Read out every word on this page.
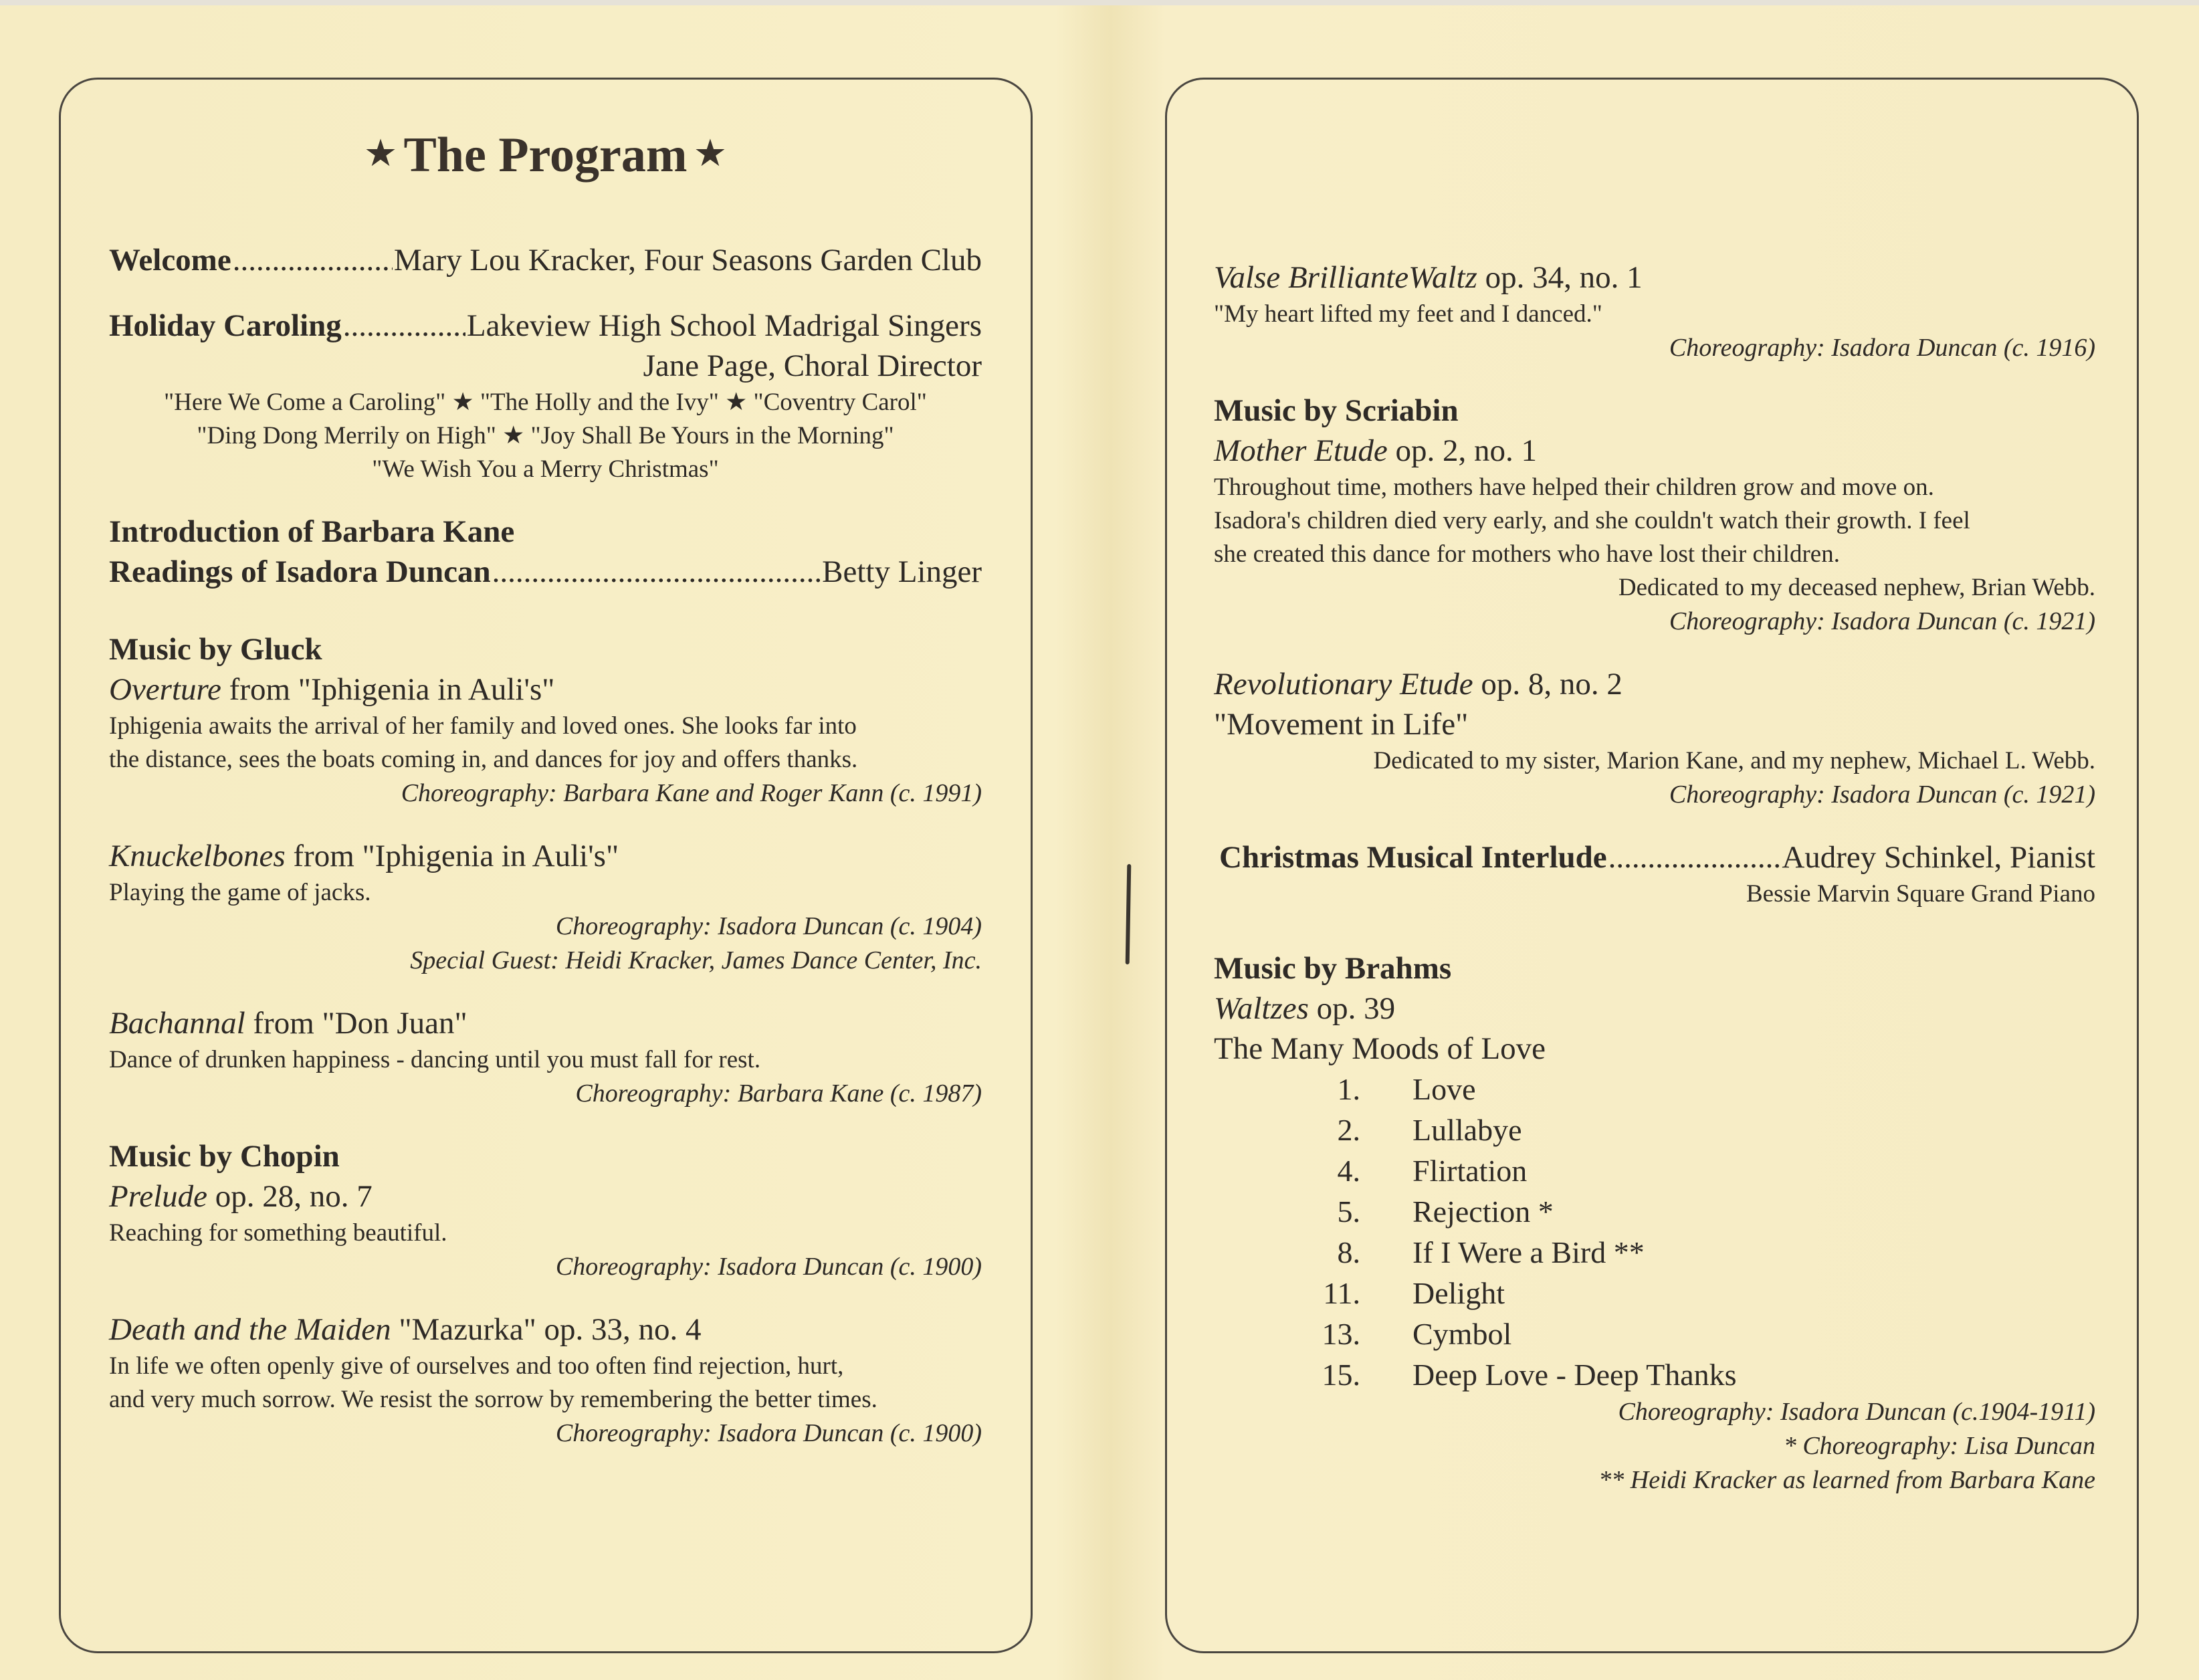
★ The Program ★
Welcome .....	Mary Lou Kracker, Four Seasons Garden Club
Holiday Caroling .....	Lakeview High School Madrigal Singers

Jane Page, Choral Director

"Here We Come a Caroling" ★ "The Holly and the Ivy" ★ "Coventry Carol"

"Ding Dong Merrily on High" ★ "Joy Shall Be Yours in the Morning"

"We Wish You a Merry Christmas"

Introduction of Barbara Kane

Readings of Isadora Duncan .....	Betty Linger

Music by Gluck

Overture from "Iphigenia in Auli's"

Iphigenia awaits the arrival of her family and loved ones. She looks far into

the distance, sees the boats coming in, and dances for joy and offers thanks.

Choreography: Barbara Kane and Roger Kann (c. 1991)

Knuckelbones from "Iphigenia in Auli's"

Playing the game of jacks.

Choreography: Isadora Duncan (c. 1904)

Special Guest: Heidi Kracker, James Dance Center, Inc.

Bachannal from "Don Juan"

Dance of drunken happiness - dancing until you must fall for rest.

Choreography: Barbara Kane (c. 1987)

Music by Chopin

Prelude op. 28, no. 7

Reaching for something beautiful.

Choreography: Isadora Duncan (c. 1900)

Death and the Maiden "Mazurka" op. 33, no. 4

In life we often openly give of ourselves and too often find rejection, hurt,

and very much sorrow. We resist the sorrow by remembering the better times.

Choreography: Isadora Duncan (c. 1900)

Valse BrillianteWaltz op. 34, no. 1

"My heart lifted my feet and I danced."

Choreography: Isadora Duncan (c. 1916)

Music by Scriabin

Mother Etude op. 2, no. 1

Throughout time, mothers have helped their children grow and move on.

Isadora's children died very early, and she couldn't watch their growth. I feel

she created this dance for mothers who have lost their children.

Dedicated to my deceased nephew, Brian Webb.

Choreography: Isadora Duncan (c. 1921)

Revolutionary Etude op. 8, no. 2

"Movement in Life"

Dedicated to my sister, Marion Kane, and my nephew, Michael L. Webb.

Choreography: Isadora Duncan (c. 1921)

Christmas Musical Interlude .....	Audrey Schinkel, Pianist

Bessie Marvin Square Grand Piano

Music by Brahms

Waltzes op. 39

The Many Moods of Love

1. Love
2. Lullabye
4. Flirtation
5. Rejection *
8. If I Were a Bird **
11. Delight
13. Cymbol
15. Deep Love - Deep Thanks

Choreography: Isadora Duncan (c.1904-1911)

* Choreography: Lisa Duncan

** Heidi Kracker as learned from Barbara Kane
